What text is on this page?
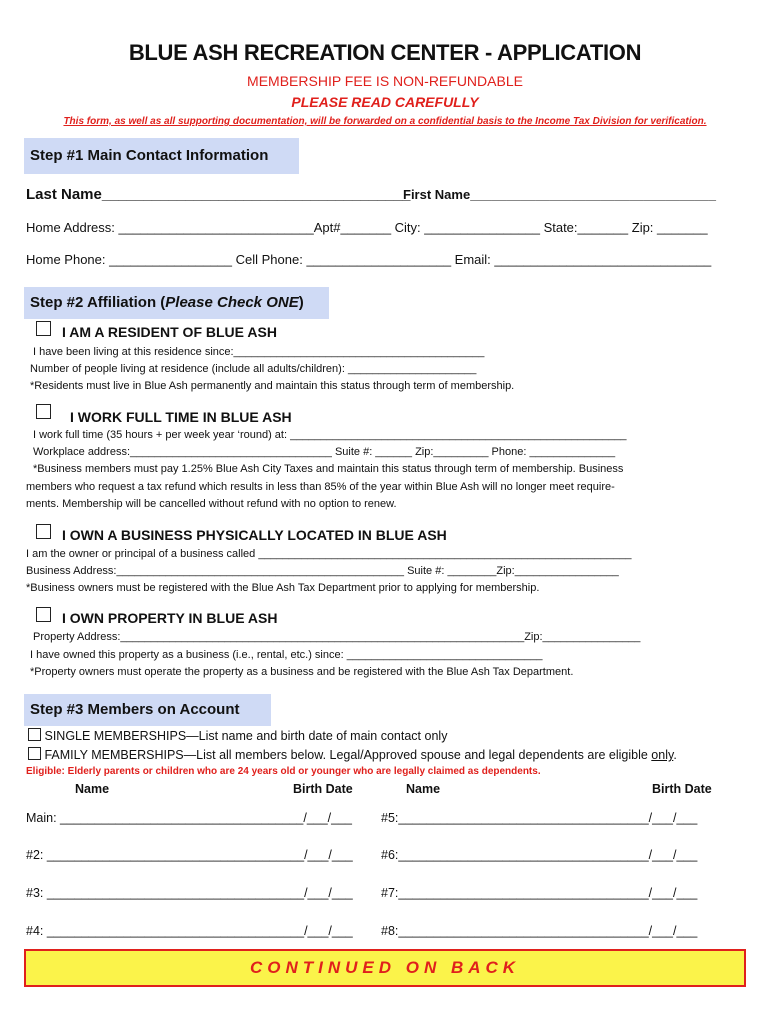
BLUE ASH RECREATION CENTER - APPLICATION
MEMBERSHIP FEE IS NON-REFUNDABLE
PLEASE READ CAREFULLY
This form, as well as all supporting documentation, will be forwarded on a confidential basis to the Income Tax Division for verification.
Step #1 Main Contact Information
Last Name_____________________________________
First Name__________________________________
Home Address: ___________________________Apt#_______ City: ________________ State:_______ Zip: _______
Home Phone: _________________ Cell Phone: ____________________ Email: ______________________________
Step #2 Affiliation (Please Check ONE)
I AM A RESIDENT OF BLUE ASH
I have been living at this residence since:_________________________________________
Number of people living at residence (include all adults/children): _____________________
*Residents must live in Blue Ash permanently and maintain this status through term of membership.
I WORK FULL TIME IN BLUE ASH
I work full time (35 hours + per week year ‘round) at: _______________________________________________________
Workplace address:_________________________________ Suite #: ______ Zip:_________ Phone: ______________
*Business members must pay 1.25% Blue Ash City Taxes and maintain this status through term of membership. Business
members who request a tax refund which results in less than 85% of the year within Blue Ash will no longer meet require-
ments. Membership will be cancelled without refund with no option to renew.
I OWN A BUSINESS PHYSICALLY LOCATED IN BLUE ASH
I am the owner or principal of a business called _____________________________________________________________
Business Address:_______________________________________________ Suite #: ________Zip:_________________
*Business owners must be registered with the Blue Ash Tax Department prior to applying for membership.
I OWN PROPERTY IN BLUE ASH
Property Address:__________________________________________________________________Zip:________________
I have owned this property as a business (i.e., rental, etc.) since: ________________________________
*Property owners must operate the property as a business and be registered with the Blue Ash Tax Department.
Step #3 Members on Account
SINGLE MEMBERSHIPS—List name and birth date of main contact only
FAMILY MEMBERSHIPS—List all members below. Legal/Approved spouse and legal dependents are eligible only.
Eligible: Elderly parents or children who are 24 years old or younger who are legally claimed as dependents.
Name	Birth Date	Name	Birth Date
Main: ___________________________________/___/___
#2: _____________________________________/___/___
#3: _____________________________________/___/___
#4: _____________________________________/___/___
#5:____________________________________/___/___
#6:____________________________________/___/___
#7:____________________________________/___/___
#8:____________________________________/___/___
CONTINUED ON BACK
